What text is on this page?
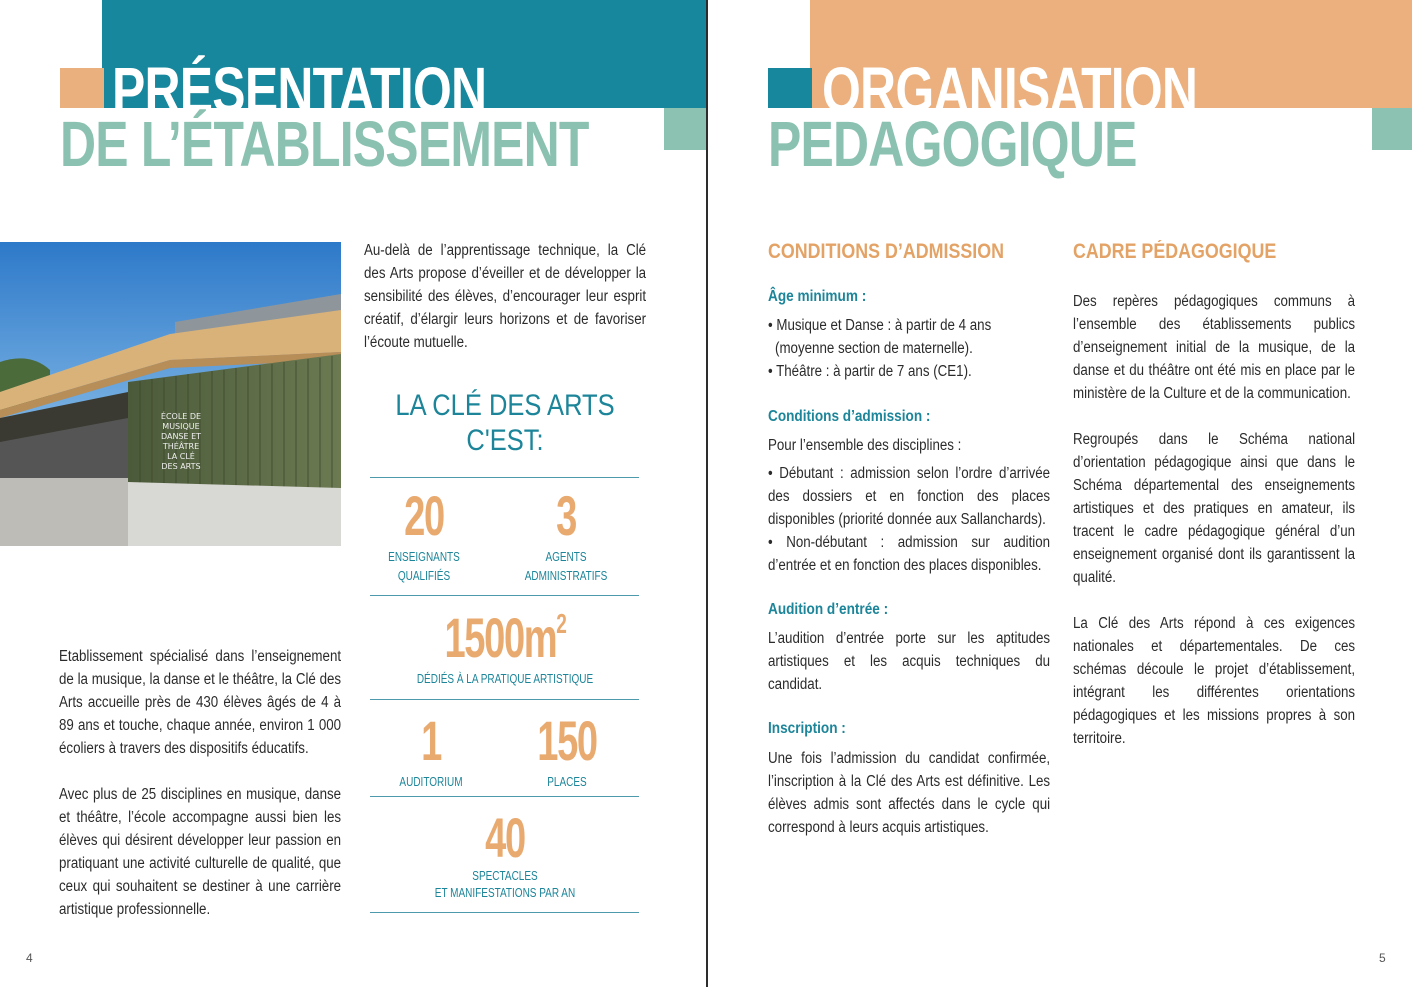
PRÉSENTATION
DE L’ÉTABLISSEMENT
ÉCOLE DE MUSIQUE DANSE ET THÉÂTRE LA CLÉ DES ARTS
Au-delà de l’apprentissage technique, la Clé des Arts propose d’éveiller et de développer la sensibilité des élèves, d’encourager leur esprit créatif, d’élargir leurs horizons et de favoriser l’écoute mutuelle.
Etablissement spécialisé dans l’enseignement de la musique, la danse et le théâtre, la Clé des Arts accueille près de 430 élèves âgés de 4 à 89 ans et touche, chaque année, environ 1 000 écoliers à travers des dispositifs éducatifs.
Avec plus de 25 disciplines en musique, danse et théâtre, l’école accompagne aussi bien les élèves qui désirent développer leur passion en pratiquant une activité culturelle de qualité, que ceux qui souhaitent se destiner à une carrière artistique professionnelle.
LA CLÉ DES ARTS
C'EST:
20
ENSEIGNANTS
QUALIFIÉS
3
AGENTS ADMINISTRATIFS
$1500m^2$
DÉDIÉS À LA PRATIQUE ARTISTIQUE
1
AUDITORIUM
150
PLACES
40
SPECTACLES
ET MANIFESTATIONS PAR AN
4
ORGANISATION
PEDAGOGIQUE
CONDITIONS D’ADMISSION
Âge minimum :
• Musique et Danse : à partir de 4 ans
(moyenne section de maternelle).
• Théâtre : à partir de 7 ans (CE1).
Conditions d’admission :
Pour l’ensemble des disciplines :
• Débutant : admission selon l’ordre d’arrivée des dossiers et en fonction des places disponibles (priorité donnée aux Sallanchards).
• Non-débutant : admission sur audition d’entrée et en fonction des places disponibles.
Audition d’entrée :
L’audition d’entrée porte sur les aptitudes artistiques et les acquis techniques du candidat.
Inscription :
Une fois l’admission du candidat confirmée, l’inscription à la Clé des Arts est définitive. Les élèves admis sont affectés dans le cycle qui correspond à leurs acquis artistiques.
CADRE PÉDAGOGIQUE
Des repères pédagogiques communs à l’ensemble des établissements publics d’enseignement initial de la musique, de la danse et du théâtre ont été mis en place par le ministère de la Culture et de la communication.
Regroupés dans le Schéma national d’orientation pédagogique ainsi que dans le Schéma départemental des enseignements artistiques et des pratiques en amateur, ils tracent le cadre pédagogique général d’un enseignement organisé dont ils garantissent la qualité.
La Clé des Arts répond à ces exigences nationales et départementales. De ces schémas découle le projet d’établissement, intégrant les différentes orientations pédagogiques et les missions propres à son territoire.
5
